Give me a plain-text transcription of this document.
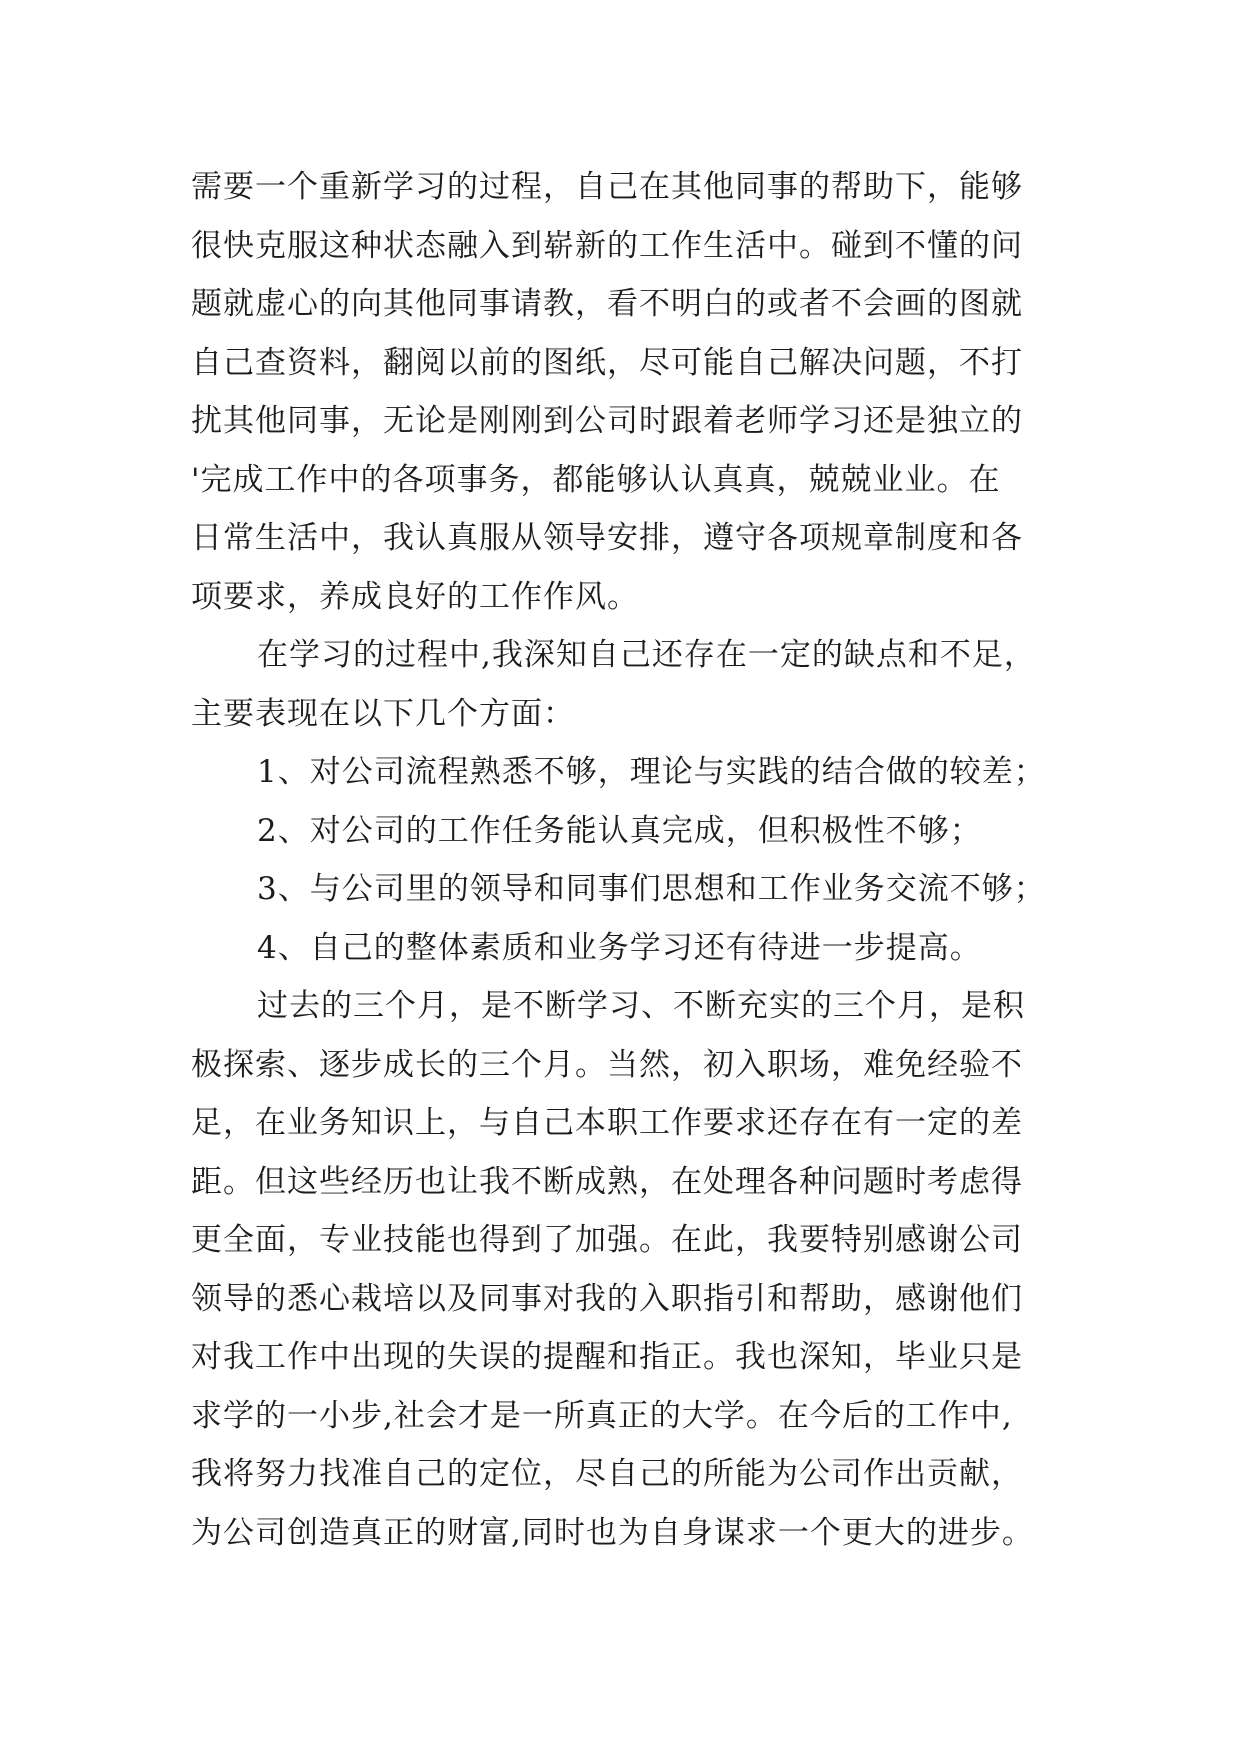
需要一个重新学习的过程，自己在其他同事的帮助下，能够
很快克服这种状态融入到崭新的工作生活中。碰到不懂的问
题就虚心的向其他同事请教，看不明白的或者不会画的图就
自己查资料，翻阅以前的图纸，尽可能自己解决问题，不打
扰其他同事，无论是刚刚到公司时跟着老师学习还是独立的
'完成工作中的各项事务，都能够认认真真，兢兢业业。在
日常生活中，我认真服从领导安排，遵守各项规章制度和各
项要求，养成良好的工作作风。
在学习的过程中,我深知自己还存在一定的缺点和不足，
主要表现在以下几个方面：
1、对公司流程熟悉不够，理论与实践的结合做的较差；
2、对公司的工作任务能认真完成，但积极性不够；
3、与公司里的领导和同事们思想和工作业务交流不够；
4、自己的整体素质和业务学习还有待进一步提高。
过去的三个月，是不断学习、不断充实的三个月，是积
极探索、逐步成长的三个月。当然，初入职场，难免经验不
足，在业务知识上，与自己本职工作要求还存在有一定的差
距。但这些经历也让我不断成熟，在处理各种问题时考虑得
更全面，专业技能也得到了加强。在此，我要特别感谢公司
领导的悉心栽培以及同事对我的入职指引和帮助，感谢他们
对我工作中出现的失误的提醒和指正。我也深知，毕业只是
求学的一小步,社会才是一所真正的大学。在今后的工作中,
我将努力找准自己的定位，尽自己的所能为公司作出贡献，
为公司创造真正的财富,同时也为自身谋求一个更大的进步。
